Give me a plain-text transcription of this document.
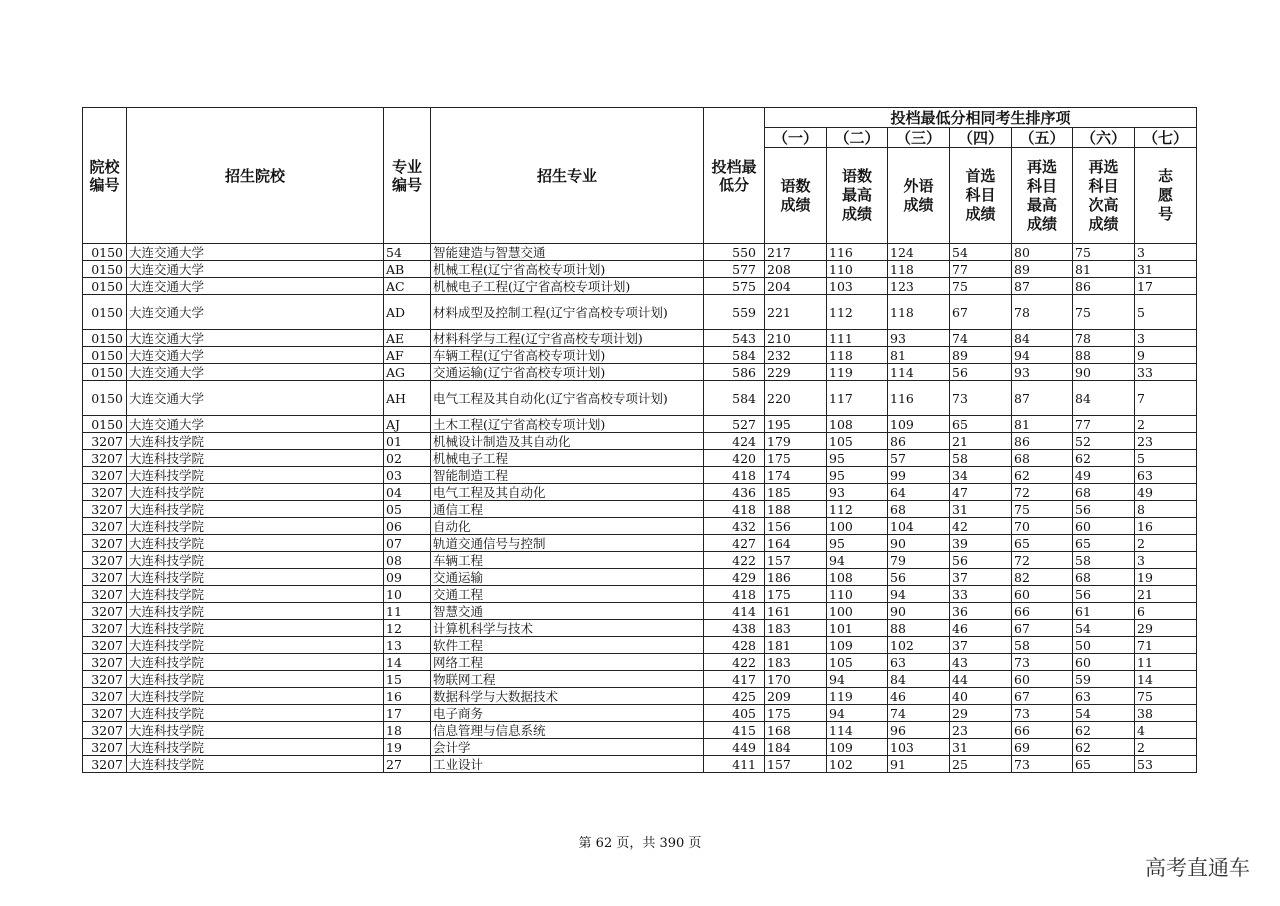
院校编号	招生院校	专业编号	招生专业	投档最低分	投档最低分相同考生排序项						
					（一）	（二）	（三）	（四）	（五）	（六）	（七）
					语数成绩	语数最高成绩	外语成绩	首选科目成绩	再选科目最高成绩	再选科目次高成绩	志愿号
0150	大连交通大学	54	智能建造与智慧交通	550	217	116	124	54	80	75	3
0150	大连交通大学	AB	机械工程(辽宁省高校专项计划)	577	208	110	118	77	89	81	31
0150	大连交通大学	AC	机械电子工程(辽宁省高校专项计划)	575	204	103	123	75	87	86	17
0150	大连交通大学	AD	材料成型及控制工程(辽宁省高校专项计划)	559	221	112	118	67	78	75	5
0150	大连交通大学	AE	材料科学与工程(辽宁省高校专项计划)	543	210	111	93	74	84	78	3
0150	大连交通大学	AF	车辆工程(辽宁省高校专项计划)	584	232	118	81	89	94	88	9
0150	大连交通大学	AG	交通运输(辽宁省高校专项计划)	586	229	119	114	56	93	90	33
0150	大连交通大学	AH	电气工程及其自动化(辽宁省高校专项计划)	584	220	117	116	73	87	84	7
0150	大连交通大学	AJ	土木工程(辽宁省高校专项计划)	527	195	108	109	65	81	77	2
3207	大连科技学院	01	机械设计制造及其自动化	424	179	105	86	21	86	52	23
3207	大连科技学院	02	机械电子工程	420	175	95	57	58	68	62	5
3207	大连科技学院	03	智能制造工程	418	174	95	99	34	62	49	63
3207	大连科技学院	04	电气工程及其自动化	436	185	93	64	47	72	68	49
3207	大连科技学院	05	通信工程	418	188	112	68	31	75	56	8
3207	大连科技学院	06	自动化	432	156	100	104	42	70	60	16
3207	大连科技学院	07	轨道交通信号与控制	427	164	95	90	39	65	65	2
3207	大连科技学院	08	车辆工程	422	157	94	79	56	72	58	3
3207	大连科技学院	09	交通运输	429	186	108	56	37	82	68	19
3207	大连科技学院	10	交通工程	418	175	110	94	33	60	56	21
3207	大连科技学院	11	智慧交通	414	161	100	90	36	66	61	6
3207	大连科技学院	12	计算机科学与技术	438	183	101	88	46	67	54	29
3207	大连科技学院	13	软件工程	428	181	109	102	37	58	50	71
3207	大连科技学院	14	网络工程	422	183	105	63	43	73	60	11
3207	大连科技学院	15	物联网工程	417	170	94	84	44	60	59	14
3207	大连科技学院	16	数据科学与大数据技术	425	209	119	46	40	67	63	75
3207	大连科技学院	17	电子商务	405	175	94	74	29	73	54	38
3207	大连科技学院	18	信息管理与信息系统	415	168	114	96	23	66	62	4
3207	大连科技学院	19	会计学	449	184	109	103	31	69	62	2
3207	大连科技学院	27	工业设计	411	157	102	91	25	73	65	53
第 62 页，共 390 页
高考直通车
